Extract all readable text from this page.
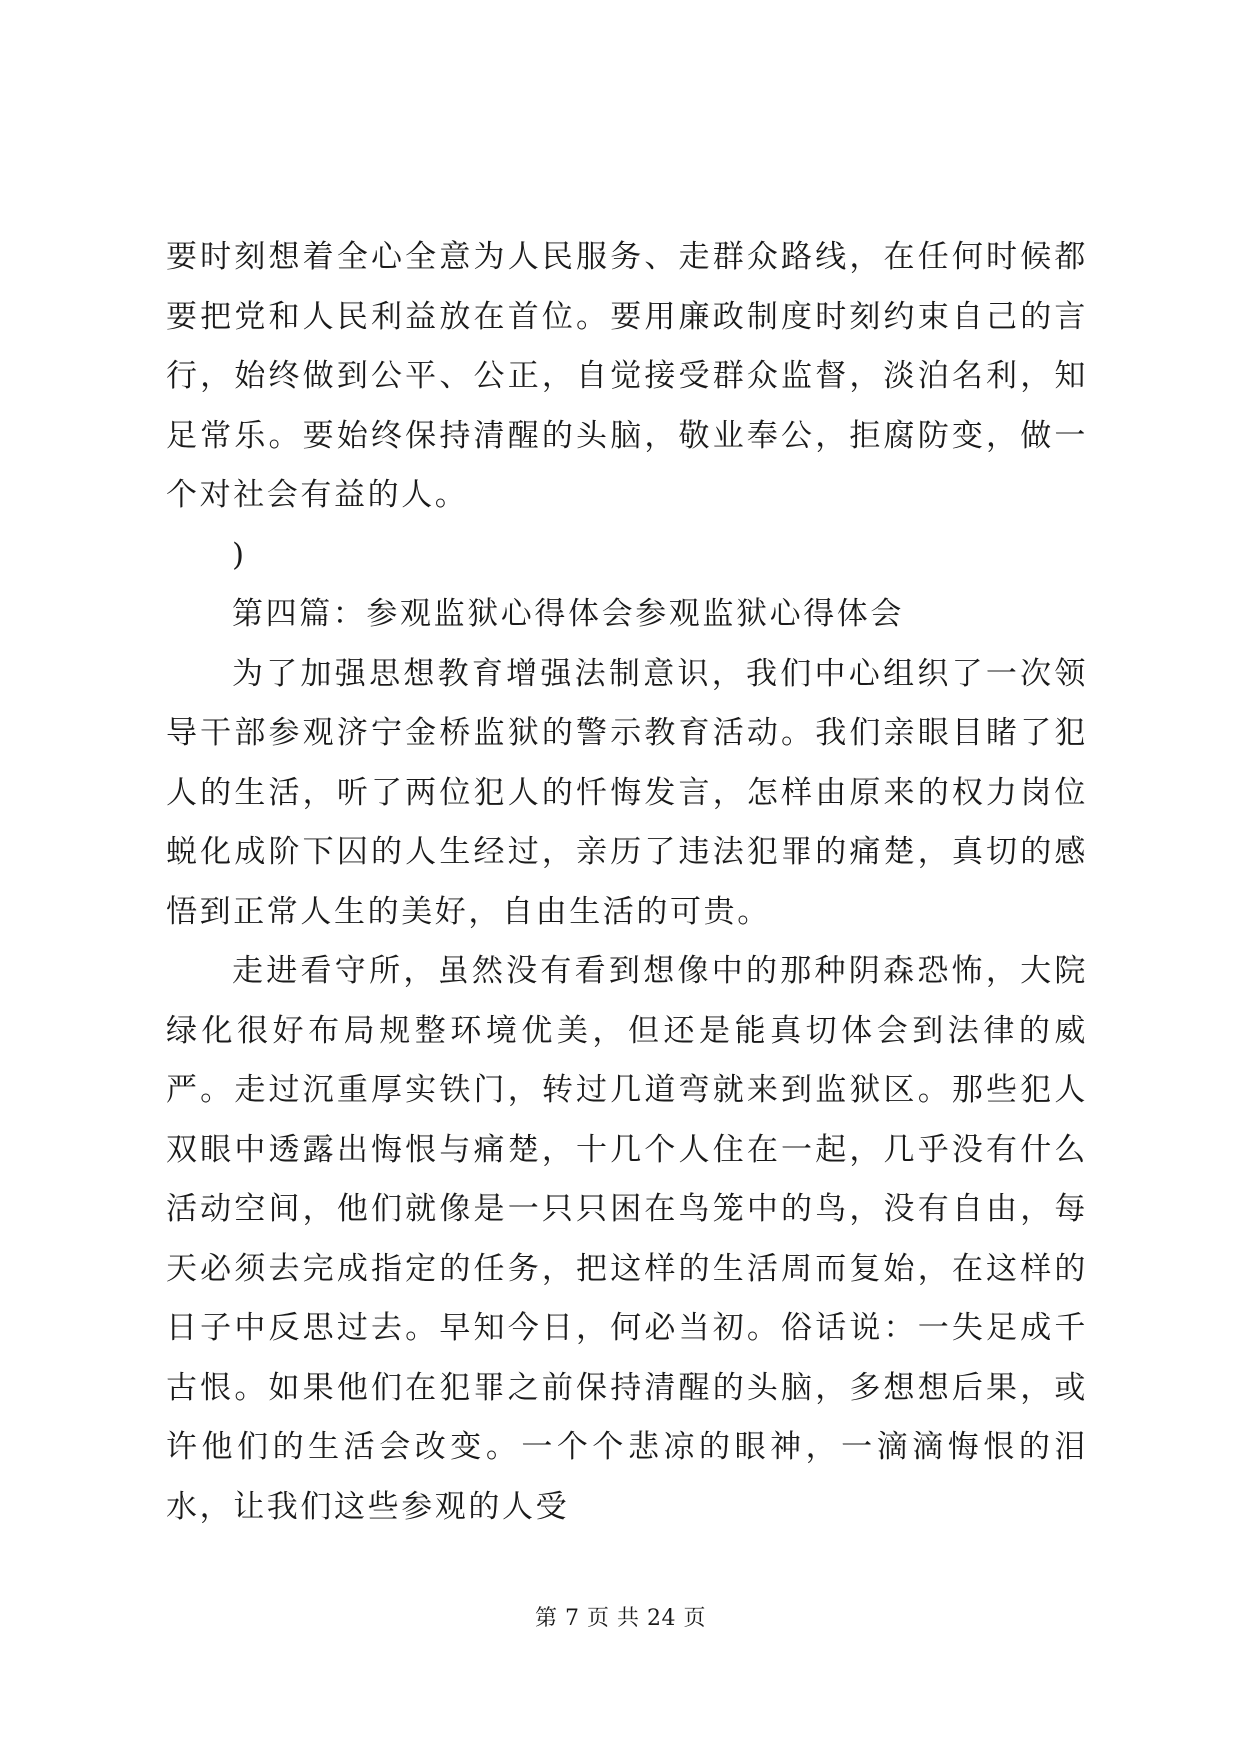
要时刻想着全心全意为人民服务、走群众路线，在任何时候都要把党和人民利益放在首位。要用廉政制度时刻约束自己的言行，始终做到公平、公正，自觉接受群众监督，淡泊名利，知足常乐。要始终保持清醒的头脑，敬业奉公，拒腐防变，做一个对社会有益的人。

)

第四篇：参观监狱心得体会参观监狱心得体会

为了加强思想教育增强法制意识，我们中心组织了一次领导干部参观济宁金桥监狱的警示教育活动。我们亲眼目睹了犯人的生活，听了两位犯人的忏悔发言，怎样由原来的权力岗位蜕化成阶下囚的人生经过，亲历了违法犯罪的痛楚，真切的感悟到正常人生的美好，自由生活的可贵。

走进看守所，虽然没有看到想像中的那种阴森恐怖，大院绿化很好布局规整环境优美，但还是能真切体会到法律的威严。走过沉重厚实铁门，转过几道弯就来到监狱区。那些犯人双眼中透露出悔恨与痛楚，十几个人住在一起，几乎没有什么活动空间，他们就像是一只只困在鸟笼中的鸟，没有自由，每天必须去完成指定的任务，把这样的生活周而复始，在这样的日子中反思过去。早知今日，何必当初。俗话说：一失足成千古恨。如果他们在犯罪之前保持清醒的头脑，多想想后果，或许他们的生活会改变。一个个悲凉的眼神，一滴滴悔恨的泪水，让我们这些参观的人受

第 7 页 共 24 页
